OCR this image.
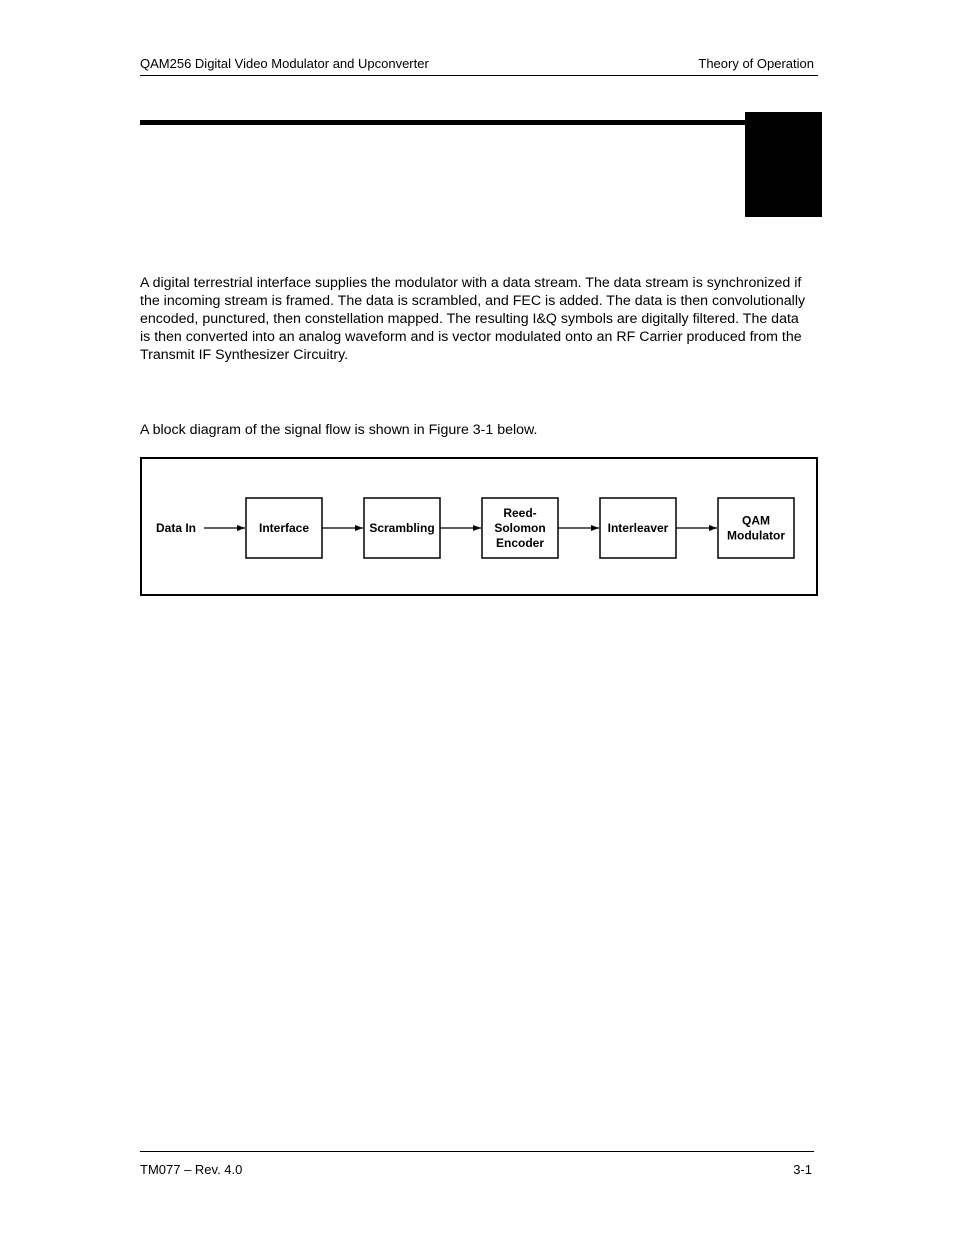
QAM256 Digital Video Modulator and Upconverter	Theory of Operation

A digital terrestrial interface supplies the modulator with a data stream. The data stream is synchronized if the incoming stream is framed. The data is scrambled, and FEC is added. The data is then convolutionally encoded, punctured, then constellation mapped. The resulting I&Q symbols are digitally filtered. The data is then converted into an analog waveform and is vector modulated onto an RF Carrier produced from the Transmit IF Synthesizer Circuitry.

A block diagram of the signal flow is shown in Figure 3-1 below.

Data In	Interface	Scrambling
Reed-
Solomon
Encoder
Interleaver
QAM
Modulator
TM077 – Rev. 4.0	3-1
